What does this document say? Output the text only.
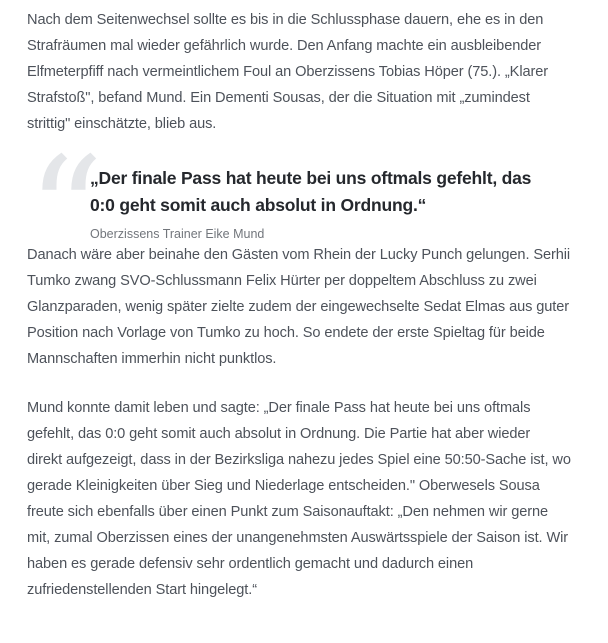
Nach dem Seitenwechsel sollte es bis in die Schlussphase dauern, ehe es in den
Strafräumen mal wieder gefährlich wurde. Den Anfang machte ein ausbleibender
Elfmeterpfiff nach vermeintlichem Foul an Oberzissens Tobias Höper (75.). „Klarer
Strafstoß", befand Mund. Ein Dementi Sousas, der die Situation mit „zumindest
strittig" einschätzte, blieb aus.

“
„Der finale Pass hat heute bei uns oftmals gefehlt, das
0:0 geht somit auch absolut in Ordnung.“
Oberzissens Trainer Eike Mund

Danach wäre aber beinahe den Gästen vom Rhein der Lucky Punch gelungen. Serhii
Tumko zwang SVO-Schlussmann Felix Hürter per doppeltem Abschluss zu zwei
Glanzparaden, wenig später zielte zudem der eingewechselte Sedat Elmas aus guter
Position nach Vorlage von Tumko zu hoch. So endete der erste Spieltag für beide
Mannschaften immerhin nicht punktlos.

Mund konnte damit leben und sagte: „Der finale Pass hat heute bei uns oftmals
gefehlt, das 0:0 geht somit auch absolut in Ordnung. Die Partie hat aber wieder
direkt aufgezeigt, dass in der Bezirksliga nahezu jedes Spiel eine 50:50-Sache ist, wo
gerade Kleinigkeiten über Sieg und Niederlage entscheiden." Oberwesels Sousa
freute sich ebenfalls über einen Punkt zum Saisonauftakt: „Den nehmen wir gerne
mit, zumal Oberzissen eines der unangenehmsten Auswärtsspiele der Saison ist. Wir
haben es gerade defensiv sehr ordentlich gemacht und dadurch einen
zufriedenstellenden Start hingelegt.“
